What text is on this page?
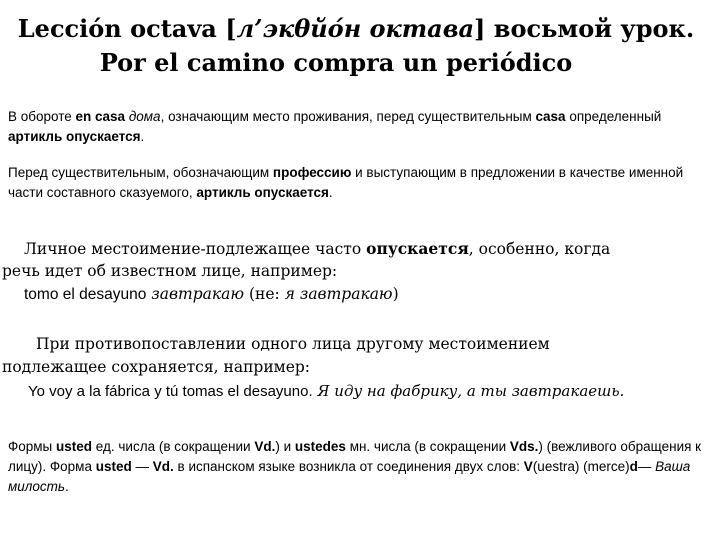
Lección octava [л’экθйо́н октава] восьмой урок.
Por el camino compra un periódico

В обороте en casa дома, означающим место проживания, перед существительным casa определенный артикль опускается.

Перед существительным, обозначающим профессию и выступающим в предложении в качестве именной части составного сказуемого, артикль опускается.

Личное местоимение-подлежащее часто опускается, особенно, когда

речь идет об известном лице, например:

tomo el desayuno завтракаю (не: я завтракаю)

При противопоставлении одного лица другому местоимением

подлежащее сохраняется, например:

Yo voy a la fábrica y tú tomas el desayuno. Я иду на фабрику, а ты завтракаешь.

Формы usted ед. числа (в сокращении Vd.) и ustedes мн. числа (в сокращении Vds.) (вежливого обращения к лицу). Форма usted — Vd. в испанском языке возникла от соединения двух слов: V(uestra) (merce)d— Ваша милость.
